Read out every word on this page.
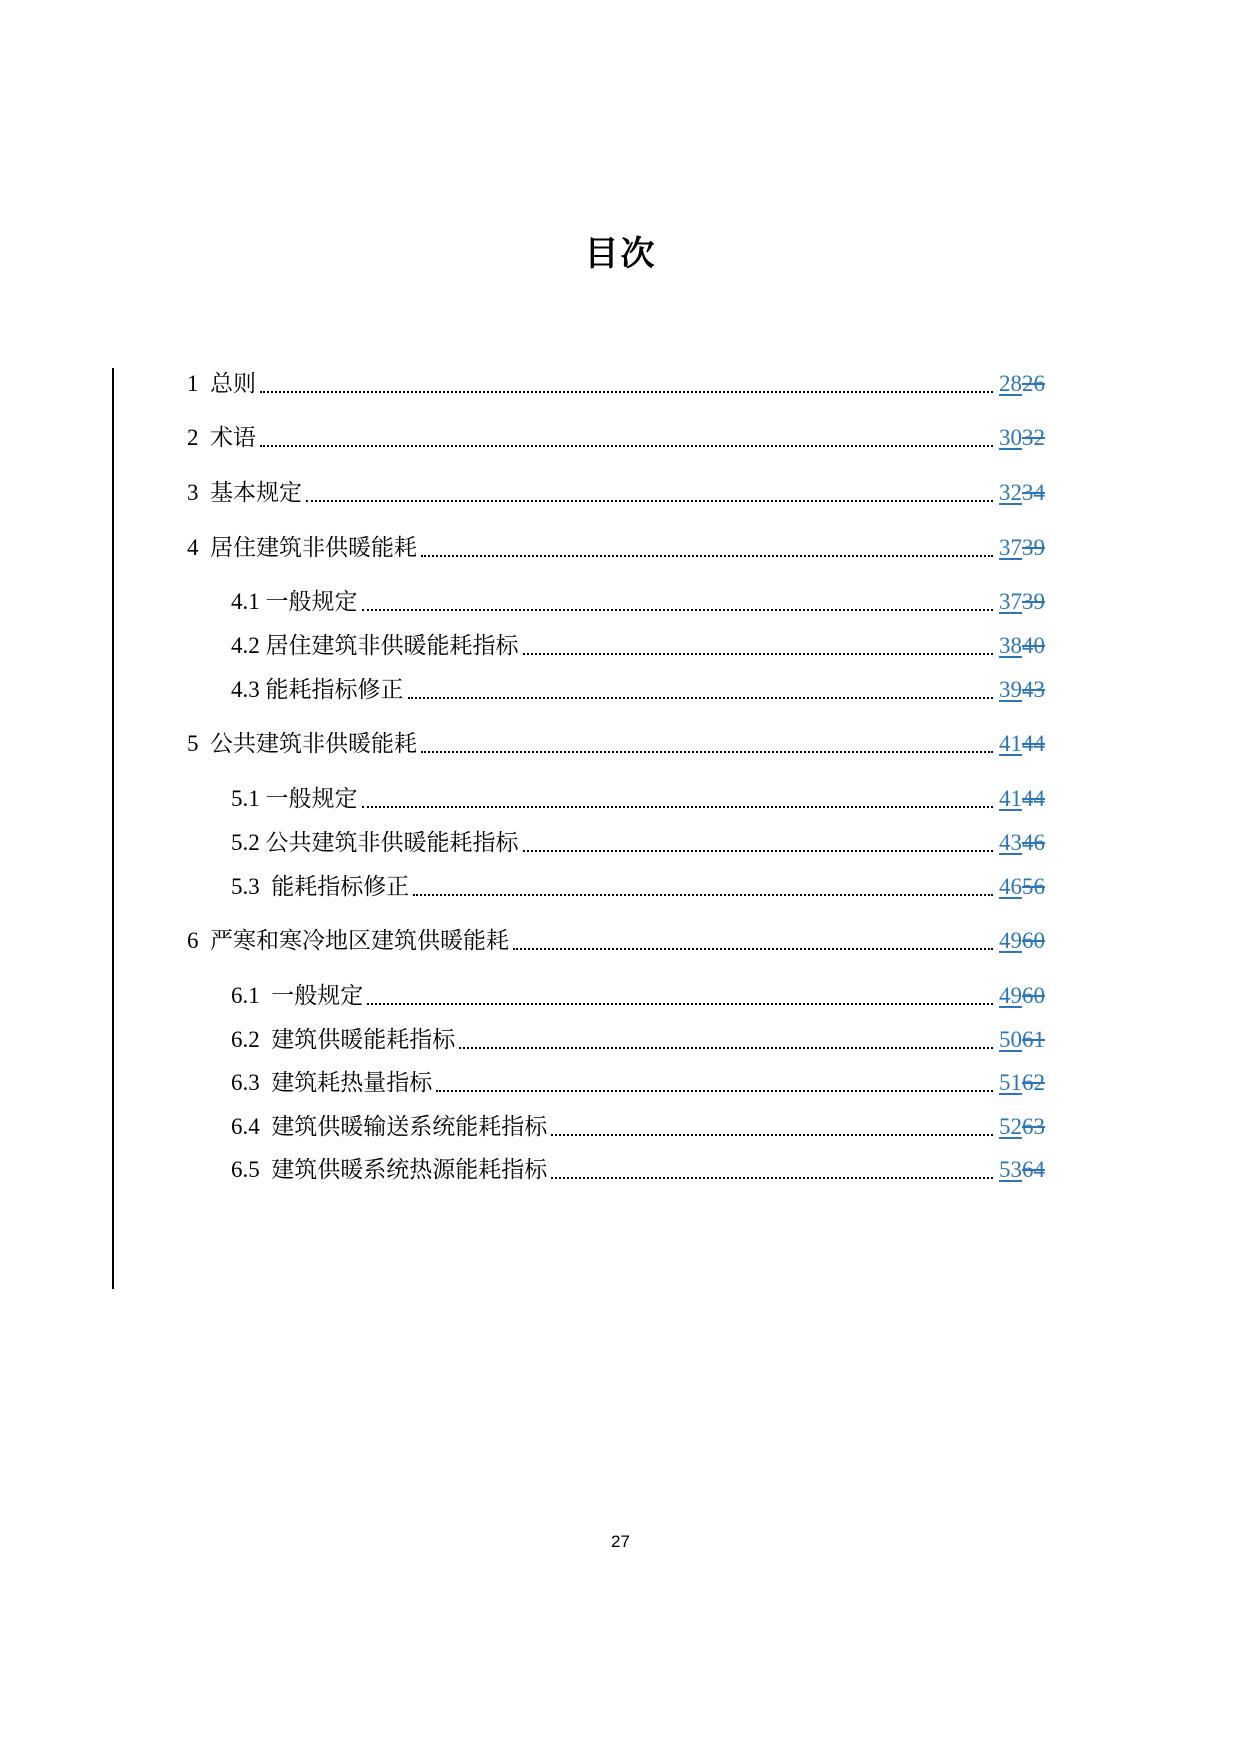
目次
1  总则	2826
2  术语	3032
3  基本规定	3234
4  居住建筑非供暖能耗	3739
4.1 一般规定	3739
4.2 居住建筑非供暖能耗指标	3840
4.3 能耗指标修正	3943
5  公共建筑非供暖能耗	4144
5.1 一般规定	4144
5.2 公共建筑非供暖能耗指标	4346
5.3  能耗指标修正	4656
6  严寒和寒冷地区建筑供暖能耗	4960
6.1  一般规定	4960
6.2  建筑供暖能耗指标	5061
6.3  建筑耗热量指标	5162
6.4  建筑供暖输送系统能耗指标	5263
6.5  建筑供暖系统热源能耗指标	5364
27
